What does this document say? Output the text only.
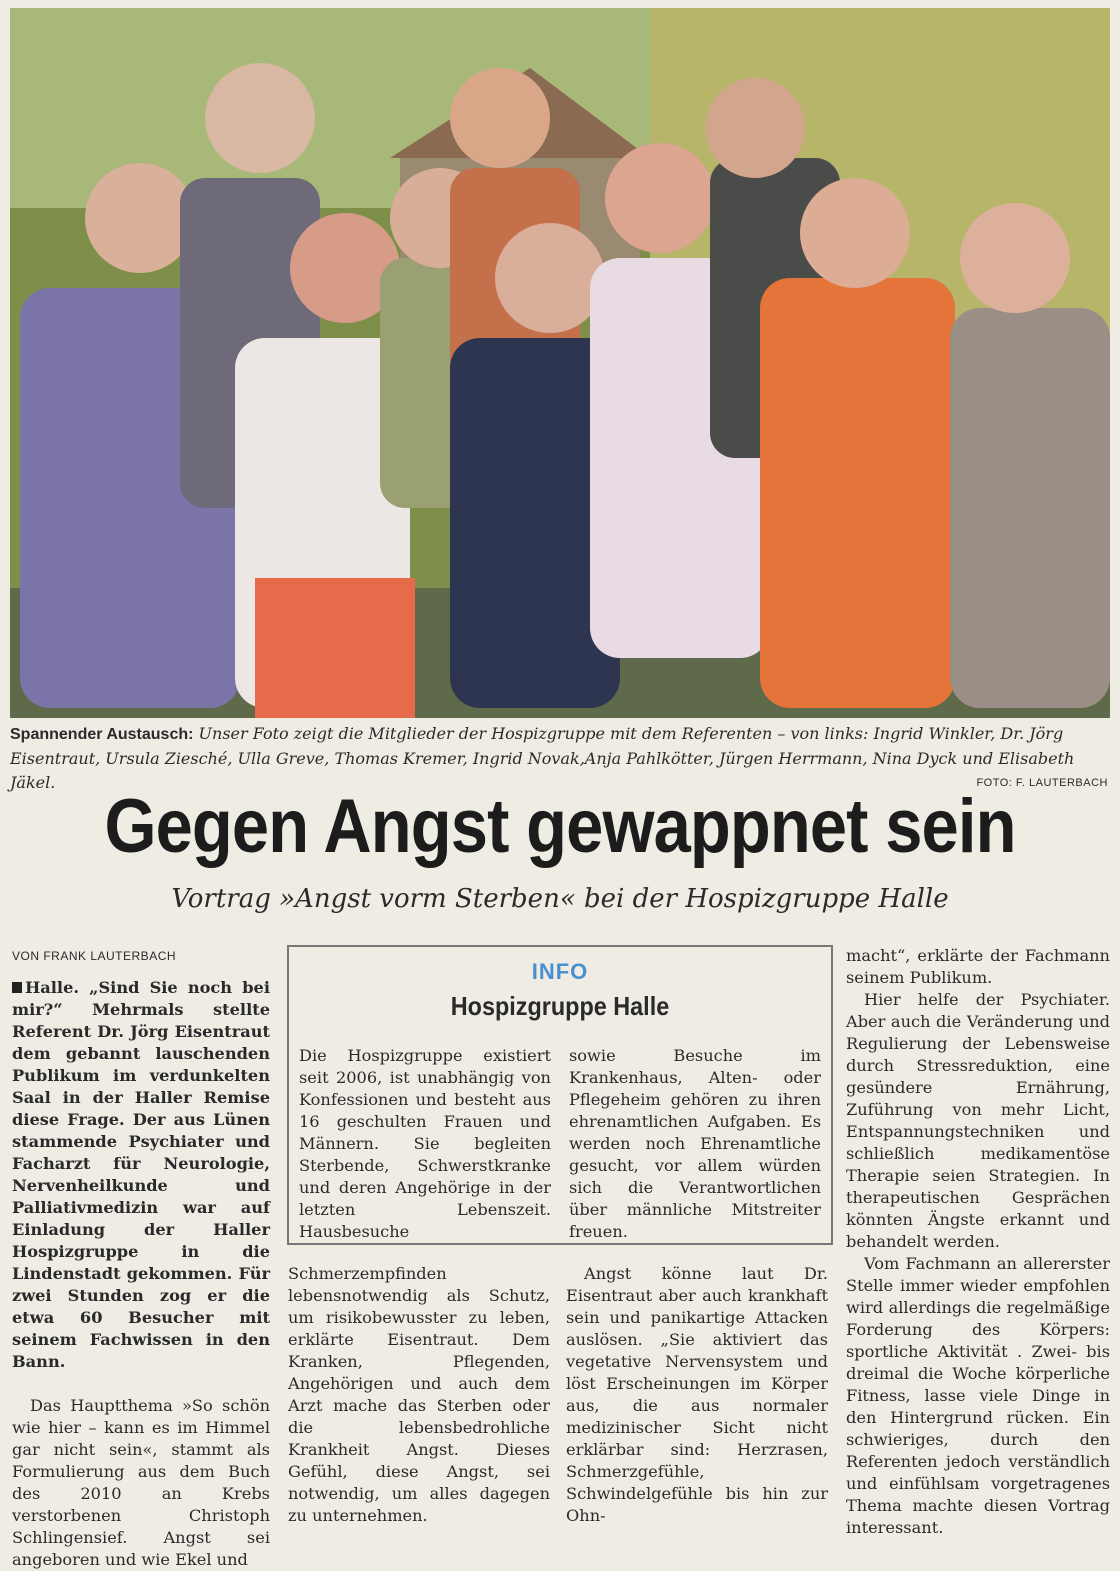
Spannender Austausch: Unser Foto zeigt die Mitglieder der Hospizgruppe mit dem Referenten – von links: Ingrid Winkler, Dr. Jörg Eisentraut, Ursula Ziesché, Ulla Greve, Thomas Kremer, Ingrid Novak,Anja Pahlkötter, Jürgen Herrmann, Nina Dyck und Elisabeth Jäkel.	FOTO: F. LAUTERBACH
Gegen Angst gewappnet sein
Vortrag »Angst vorm Sterben« bei der Hospizgruppe Halle

VON FRANK LAUTERBACH

Halle. „Sind Sie noch bei mir?“ Mehrmals stellte Referent Dr. Jörg Eisentraut dem gebannt lauschenden Publikum im verdunkelten Saal in der Haller Remise diese Frage. Der aus Lünen stammende Psychiater und Facharzt für Neurologie, Nervenheilkunde und Palliativmedizin war auf Einladung der Haller Hospizgruppe in die Lindenstadt gekommen. Für zwei Stunden zog er die etwa 60 Besucher mit seinem Fachwissen in den Bann.

Das Hauptthema »So schön wie hier – kann es im Himmel gar nicht sein«, stammt als Formulierung aus dem Buch des 2010 an Krebs verstorbenen Christoph Schlingensief. Angst sei angeboren und wie Ekel und

INFO
Hospizgruppe Halle
Die Hospizgruppe existiert seit 2006, ist unabhängig von Konfessionen und besteht aus 16 geschulten Frauen und Männern. Sie begleiten Sterbende, Schwerstkranke und deren Angehörige in der letzten Lebenszeit. Hausbesuche
sowie Besuche im Krankenhaus, Alten- oder Pflegeheim gehören zu ihren ehrenamtlichen Aufgaben. Es werden noch Ehrenamtliche gesucht, vor allem würden sich die Verantwortlichen über männliche Mitstreiter freuen.

Schmerzempfinden lebensnotwendig als Schutz, um risikobewusster zu leben, erklärte Eisentraut. Dem Kranken, Pflegenden, Angehörigen und auch dem Arzt mache das Sterben oder die lebensbedrohliche Krankheit Angst. Dieses Gefühl, diese Angst, sei notwendig, um alles dagegen zu unternehmen.

Angst könne laut Dr. Eisentraut aber auch krankhaft sein und panikartige Attacken auslösen. „Sie aktiviert das vegetative Nervensystem und löst Erscheinungen im Körper aus, die aus normaler medizinischer Sicht nicht erklärbar sind: Herzrasen, Schmerzgefühle, Schwindelgefühle bis hin zur Ohn-

macht“, erklärte der Fachmann seinem Publikum.

Hier helfe der Psychiater. Aber auch die Veränderung und Regulierung der Lebensweise durch Stressreduktion, eine gesündere Ernährung, Zuführung von mehr Licht, Entspannungstechniken und schließlich medikamentöse Therapie seien Strategien. In therapeutischen Gesprächen könnten Ängste erkannt und behandelt werden.

Vom Fachmann an allererster Stelle immer wieder empfohlen wird allerdings die regelmäßige Forderung des Körpers: sportliche Aktivität . Zwei- bis dreimal die Woche körperliche Fitness, lasse viele Dinge in den Hintergrund rücken. Ein schwieriges, durch den Referenten jedoch verständlich und einfühlsam vorgetragenes Thema machte diesen Vortrag interessant.
